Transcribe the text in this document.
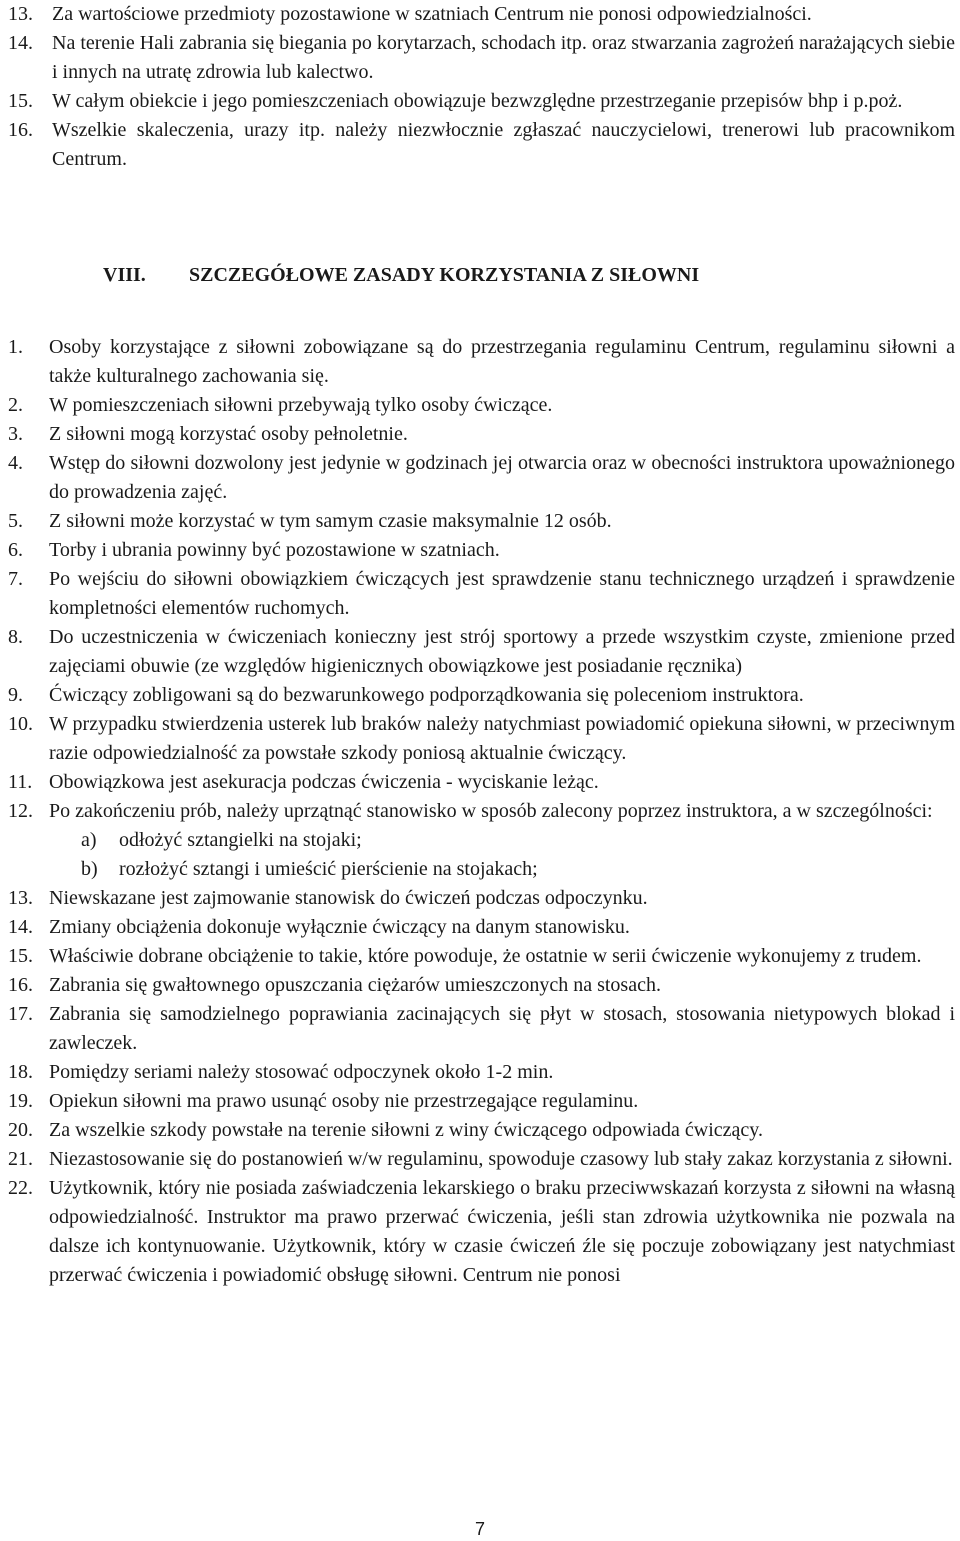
13. Za wartościowe przedmioty pozostawione w szatniach Centrum nie ponosi odpowiedzialności.
14. Na terenie Hali zabrania się biegania po korytarzach, schodach itp. oraz stwarzania zagrożeń narażających siebie i innych na utratę zdrowia lub kalectwo.
15. W całym obiekcie i jego pomieszczeniach obowiązuje bezwzględne przestrzeganie przepisów bhp i p.poż.
16. Wszelkie skaleczenia, urazy itp. należy niezwłocznie zgłaszać nauczycielowi, trenerowi lub pracownikom Centrum.
VIII. SZCZEGÓŁOWE ZASADY KORZYSTANIA Z SIŁOWNI
1.	Osoby korzystające z siłowni zobowiązane są do przestrzegania regulaminu Centrum, regulaminu siłowni a także kulturalnego zachowania się.
2.	W pomieszczeniach siłowni przebywają tylko osoby ćwiczące.
3.	Z siłowni mogą korzystać osoby pełnoletnie.
4.	Wstęp do siłowni dozwolony jest jedynie w godzinach jej otwarcia oraz w obecności instruktora upoważnionego do prowadzenia zajęć.
5.	Z siłowni może korzystać w tym samym czasie maksymalnie 12 osób.
6.	Torby i ubrania powinny być pozostawione w szatniach.
7.	Po wejściu do siłowni obowiązkiem ćwiczących jest sprawdzenie stanu technicznego urządzeń i sprawdzenie kompletności elementów ruchomych.
8.	Do uczestniczenia w ćwiczeniach konieczny jest strój sportowy a przede wszystkim czyste, zmienione przed zajęciami obuwie (ze względów higienicznych obowiązkowe jest posiadanie ręcznika)
9.	Ćwiczący zobligowani są do bezwarunkowego podporządkowania się poleceniom instruktora.
10. W przypadku stwierdzenia usterek lub braków należy natychmiast powiadomić opiekuna siłowni, w przeciwnym razie odpowiedzialność za powstałe szkody poniosą aktualnie ćwiczący.
11. Obowiązkowa jest asekuracja podczas ćwiczenia - wyciskanie leżąc.
12. Po zakończeniu prób, należy uprzątnąć stanowisko w sposób zalecony poprzez instruktora, a w szczególności:
a)	odłożyć sztangielki na stojaki;
b)	rozłożyć sztangi i umieścić pierścienie na stojakach;
13. Niewskazane jest zajmowanie stanowisk do ćwiczeń podczas odpoczynku.
14. Zmiany obciążenia dokonuje wyłącznie ćwiczący na danym stanowisku.
15. Właściwie dobrane obciążenie to takie, które powoduje, że ostatnie w serii ćwiczenie wykonujemy z trudem.
16. Zabrania się gwałtownego opuszczania ciężarów umieszczonych na stosach.
17. Zabrania się samodzielnego poprawiania zacinających się płyt w stosach, stosowania nietypowych blokad i zawleczek.
18. Pomiędzy seriami należy stosować odpoczynek około 1-2 min.
19. Opiekun siłowni ma prawo usunąć osoby nie przestrzegające regulaminu.
20. Za wszelkie szkody powstałe na terenie siłowni z winy ćwiczącego odpowiada ćwiczący.
21. Niezastosowanie się do postanowień w/w regulaminu, spowoduje czasowy lub stały zakaz korzystania z siłowni.
22. Użytkownik, który nie posiada zaświadczenia lekarskiego o braku przeciwwskazań korzysta z siłowni na własną odpowiedzialność. Instruktor ma prawo przerwać ćwiczenia, jeśli stan zdrowia użytkownika nie pozwala na dalsze ich kontynuowanie. Użytkownik, który w czasie ćwiczeń źle się poczuje zobowiązany jest natychmiast przerwać ćwiczenia i powiadomić obsługę siłowni. Centrum nie ponosi
7
